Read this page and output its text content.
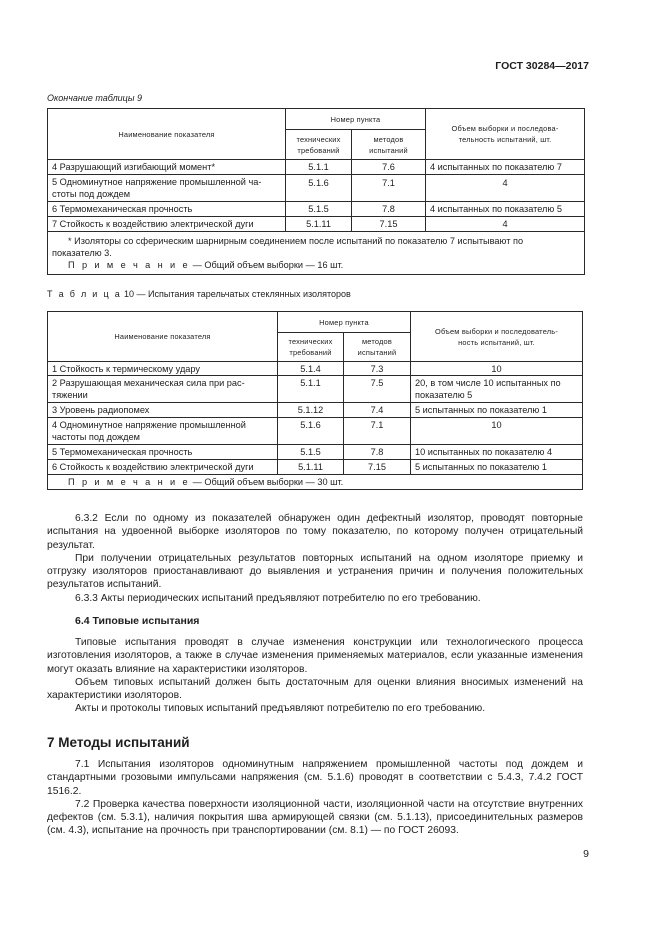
ГОСТ 30284—2017
Окончание таблицы 9
Наименование показателя	Номер пункта		Объем выборки и последова-
тельность испытаний, шт.
	технических
требований	методов
испытаний	
4 Разрушающий изгибающий момент*	5.1.1	7.6	4 испытанных по показателю 7

5 Одноминутное напряжение промышленной ча-
стоты под дождем	5.1.6	7.1	4
6 Термомеханическая прочность	5.1.5	7.8	4 испытанных по показателю 5
7 Стойкость к воздействию электрической дуги	5.1.11	7.15	4

* Изоляторы со сферическим шарнирным соединением после испытаний по показателю 7 испытывают по
показателю 3.
П р и м е ч а н и е — Общий объем выборки — 16 шт.			
Т а б л и ц а 10 — Испытания тарельчатых стеклянных изоляторов
Наименование показателя	Номер пункта		Объем выборки и последователь-
ность испытаний, шт.
	технических
требований	методов
испытаний	
1 Стойкость к термическому удару	5.1.4	7.3	10

2 Разрушающая механическая сила при рас-
тяжении	5.1.1	7.5	20, в том числе 10 испытанных по
показателю 5

3 Уровень радиопомех	5.1.12	7.4	5 испытанных по показателю 1

4 Одноминутное напряжение промышленной
частоты под дождем	5.1.6	7.1	10
5 Термомеханическая прочность	5.1.5	7.8	10 испытанных по показателю 4
6 Стойкость к воздействию электрической дуги	5.1.11	7.15	5 испытанных по показателю 1
П р и м е ч а н и е — Общий объем выборки — 30 шт.			

6.3.2 Если по одному из показателей обнаружен один дефектный изолятор, проводят повторные испытания на удвоенной выборке изоляторов по тому показателю, по которому получен отрицательный результат.

При получении отрицательных результатов повторных испытаний на одном изоляторе приемку и отгрузку изоляторов приостанавливают до выявления и устранения причин и получения положительных результатов испытаний.

6.3.3 Акты периодических испытаний предъявляют потребителю по его требованию.

6.4 Типовые испытания

Типовые испытания проводят в случае изменения конструкции или технологического процесса изготовления изоляторов, а также в случае изменения применяемых материалов, если указанные изменения могут оказать влияние на характеристики изоляторов.

Объем типовых испытаний должен быть достаточным для оценки влияния вносимых изменений на характеристики изоляторов.

Акты и протоколы типовых испытаний предъявляют потребителю по его требованию.

7 Методы испытаний

7.1 Испытания изоляторов одноминутным напряжением промышленной частоты под дождем и стандартными грозовыми импульсами напряжения (см. 5.1.6) проводят в соответствии с 5.4.3, 7.4.2 ГОСТ 1516.2.

7.2 Проверка качества поверхности изоляционной части, изоляционной части на отсутствие внутренних дефектов (см. 5.3.1), наличия покрытия шва армирующей связки (см. 5.1.13), присоединительных размеров (см. 4.3), испытание на прочность при транспортировании (см. 8.1) — по ГОСТ 26093.

9
